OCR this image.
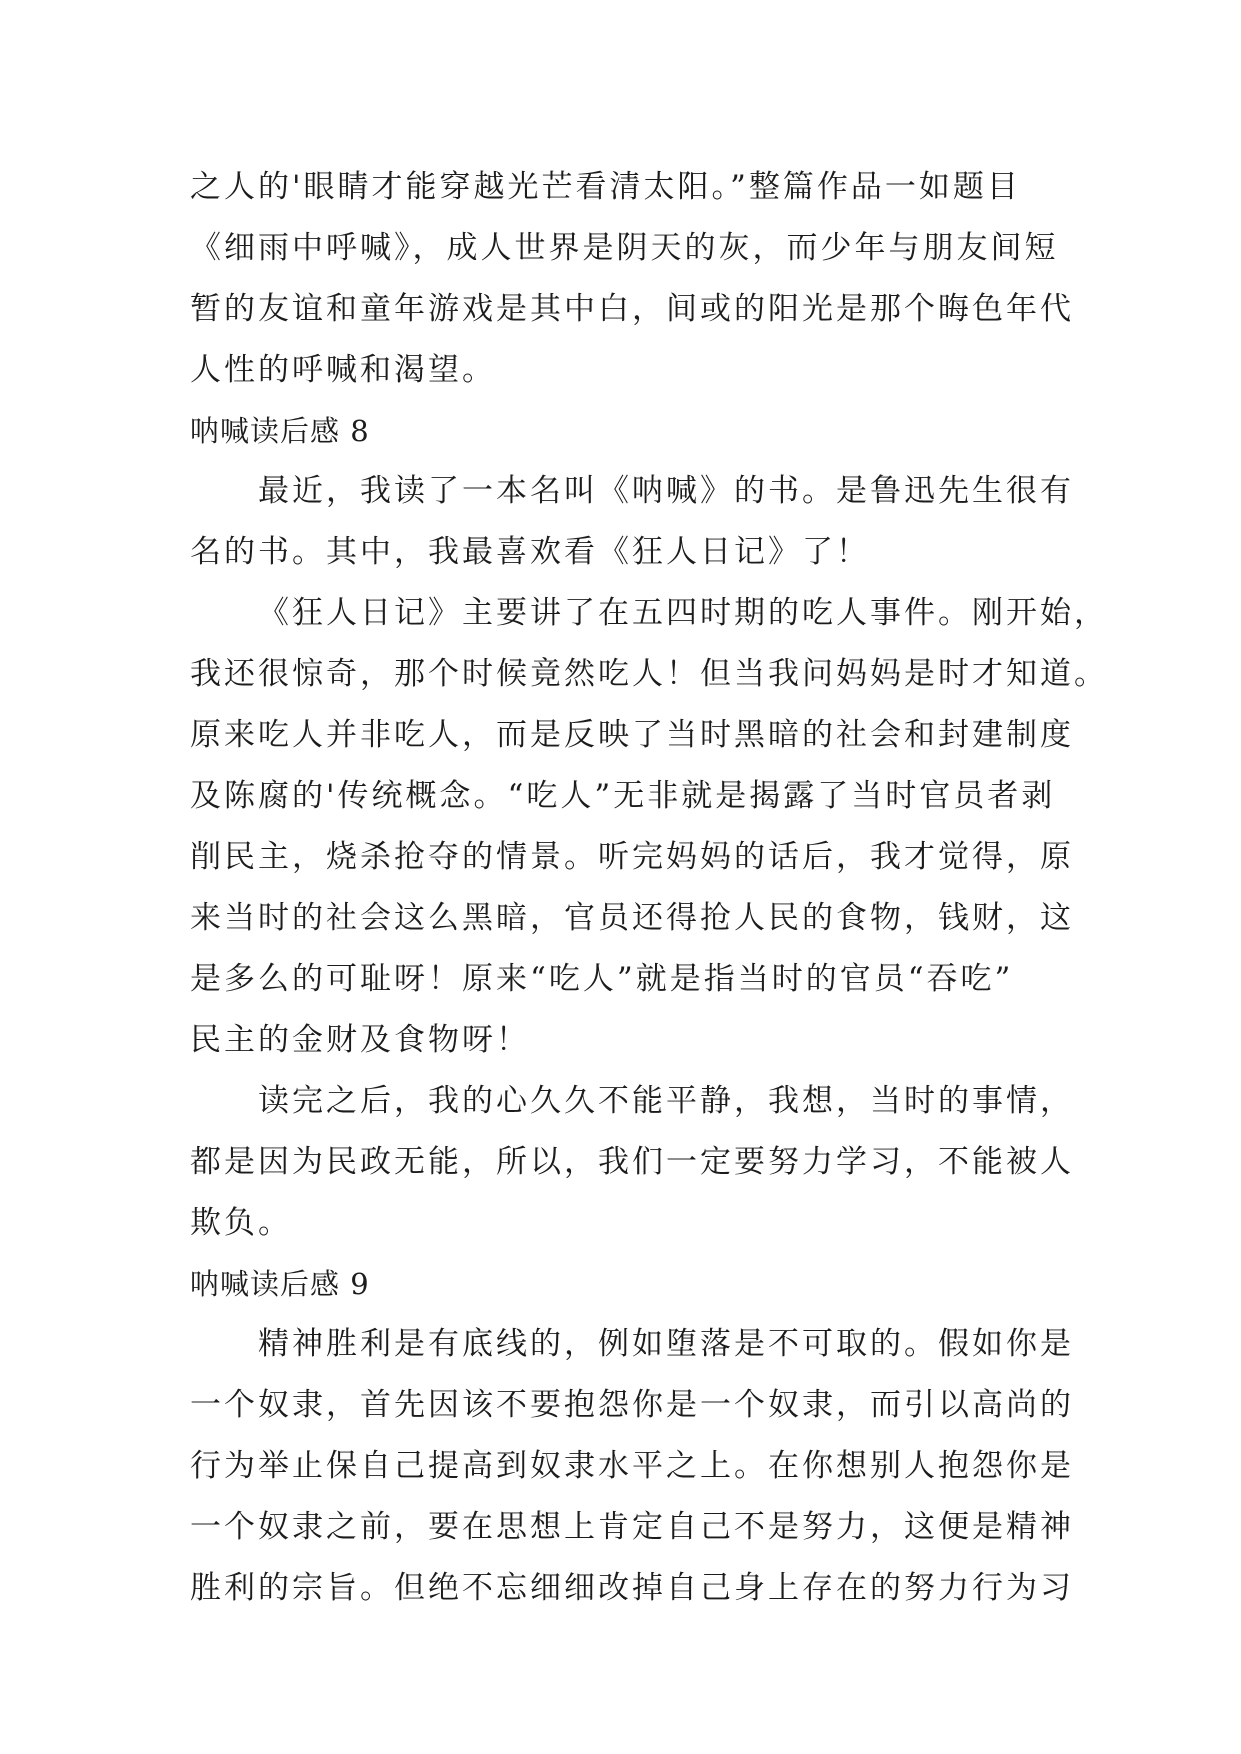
之人的'眼睛才能穿越光芒看清太阳。”整篇作品一如题目
《细雨中呼喊》，成人世界是阴天的灰，而少年与朋友间短
暂的友谊和童年游戏是其中白，间或的阳光是那个晦色年代
人性的呼喊和渴望。
呐喊读后感 8
最近，我读了一本名叫《呐喊》的书。是鲁迅先生很有
名的书。其中，我最喜欢看《狂人日记》了！
《狂人日记》主要讲了在五四时期的吃人事件。刚开始，
我还很惊奇，那个时候竟然吃人！但当我问妈妈是时才知道。
原来吃人并非吃人，而是反映了当时黑暗的社会和封建制度
及陈腐的'传统概念。“吃人”无非就是揭露了当时官员者剥
削民主，烧杀抢夺的情景。听完妈妈的话后，我才觉得，原
来当时的社会这么黑暗，官员还得抢人民的食物，钱财，这
是多么的可耻呀！原来“吃人”就是指当时的官员“吞吃”
民主的金财及食物呀！
读完之后，我的心久久不能平静，我想，当时的事情，
都是因为民政无能，所以，我们一定要努力学习，不能被人
欺负。
呐喊读后感 9
精神胜利是有底线的，例如堕落是不可取的。假如你是
一个奴隶，首先因该不要抱怨你是一个奴隶，而引以高尚的
行为举止保自己提高到奴隶水平之上。在你想别人抱怨你是
一个奴隶之前，要在思想上肯定自己不是努力，这便是精神
胜利的宗旨。但绝不忘细细改掉自己身上存在的努力行为习
